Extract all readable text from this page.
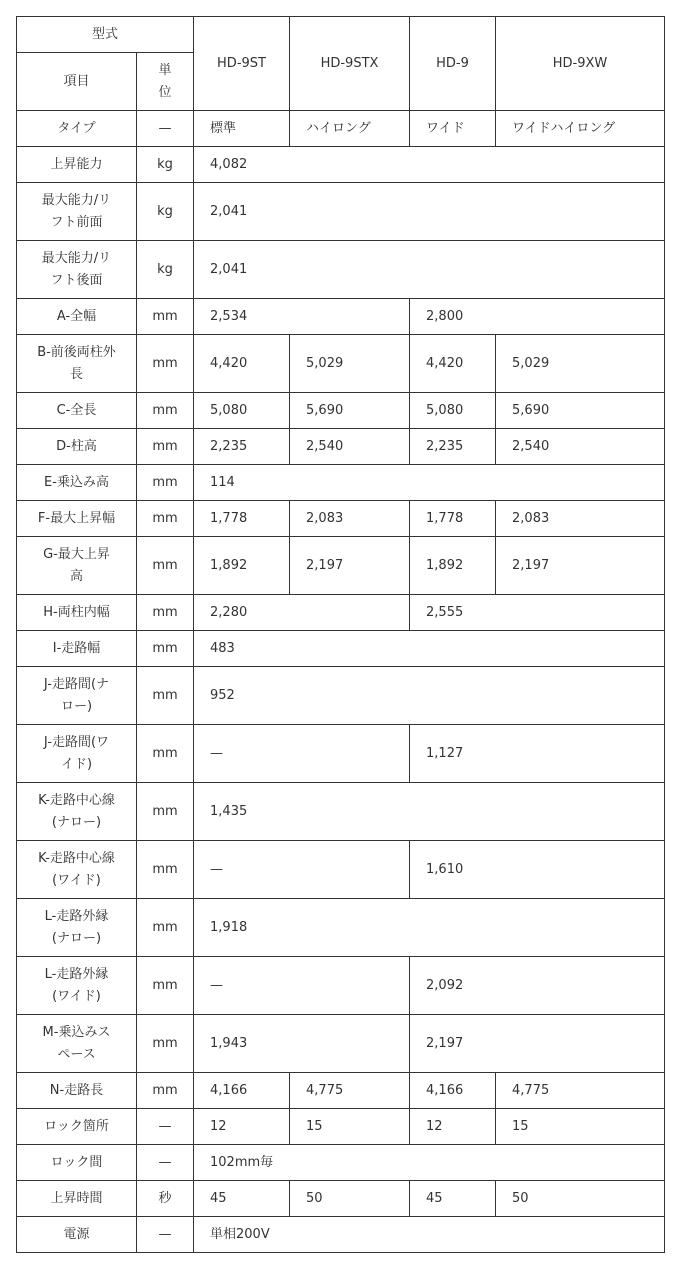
型式		HD-9ST	HD-9STX	HD-9	HD-9XW
項目	単
位				
タイプ	—	標準	ハイロング	ワイド	ワイドハイロング
上昇能力	kg	4,082			
最大能力/リ
フト前面	kg	2,041			
最大能力/リ
フト後面	kg	2,041			
A-全幅	mm	2,534		2,800	
B-前後両柱外
長	mm	4,420	5,029	4,420	5,029
C-全長	mm	5,080	5,690	5,080	5,690
D-柱高	mm	2,235	2,540	2,235	2,540
E-乗込み高	mm	114			
F-最大上昇幅	mm	1,778	2,083	1,778	2,083
G-最大上昇
高	mm	1,892	2,197	1,892	2,197
H-両柱内幅	mm	2,280		2,555	
I-走路幅	mm	483			
J-走路間(ナ
ロー)	mm	952			
J-走路間(ワ
イド)	mm	—		1,127	
K-走路中心線
(ナロー)	mm	1,435			
K-走路中心線
(ワイド)	mm	—		1,610	
L-走路外縁
(ナロー)	mm	1,918			
L-走路外縁
(ワイド)	mm	—		2,092	
M-乗込みス
ペース	mm	1,943		2,197	
N-走路長	mm	4,166	4,775	4,166	4,775
ロック箇所	—	12	15	12	15
ロック間	—	102mm毎			
上昇時間	秒	45	50	45	50
電源	—	単相200V			
